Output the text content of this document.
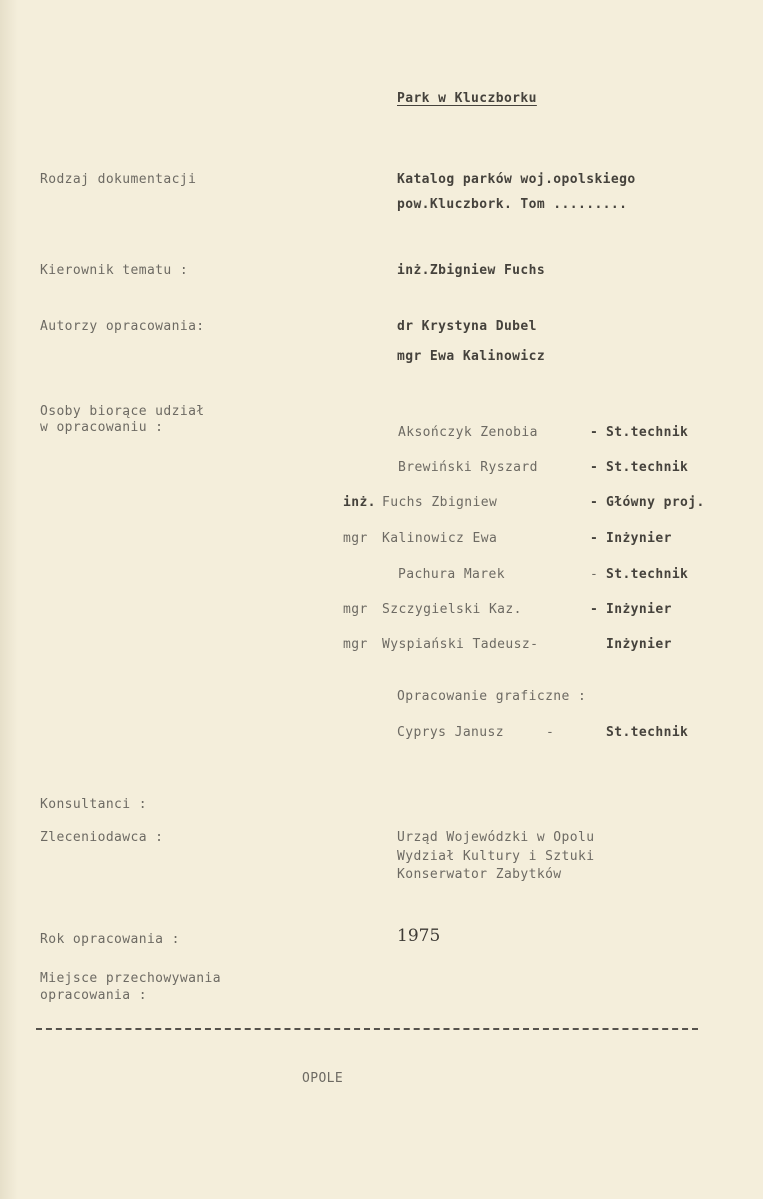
Park w Kluczborku

Rodzaj dokumentacji	Katalog parków woj.opolskiego

pow.Kluczbork. Tom .........

Kierownik tematu :	inż.Zbigniew Fuchs

Autorzy opracowania:	dr Krystyna Dubel

mgr Ewa Kalinowicz

Osoby biorące udział

w opracowaniu :	Aksończyk Zenobia	- St.technik

Brewiński Ryszard	- St.technik

inż. Fuchs Zbigniew	- Główny proj.

mgr Kalinowicz Ewa	- Inżynier

Pachura Marek	- St.technik

mgr Szczygielski Kaz.	- Inżynier

mgr Wyspiański Tadeusz-	Inżynier

Opracowanie graficzne :

Cyprys Janusz	-	St.technik

Konsultanci :

Zleceniodawca :	Urząd Wojewódzki w Opolu

Wydział Kultury i Sztuki

Konserwator Zabytków

Rok opracowania :	1975

Miejsce przechowywania

opracowania :

OPOLE
